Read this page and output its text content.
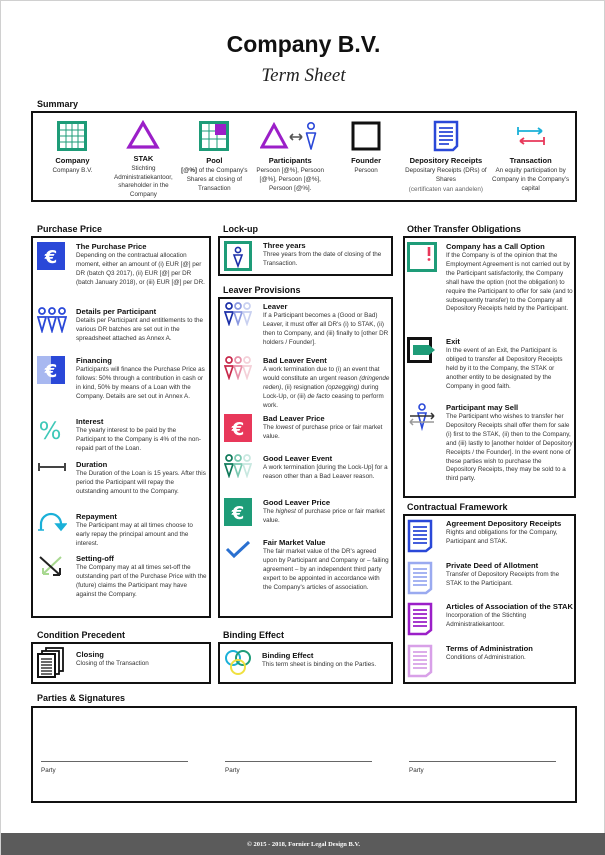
Company B.V.
Term Sheet
Summary
Company
Company B.V.
STAK
Stichting Administratiekantoor, shareholder in the Company
Pool
[@%] of the Company's Shares at closing of Transaction
Participants
Persoon [@%], Persoon [@%], Persoon [@%], Persoon [@%].
Founder
Persoon
Depository Receipts
Depositary Receipts (DRs) of Shares
(certificaten van aandelen)
Transaction
An equity participation by Company in the Company's capital
Purchase Price
€
The Purchase Price
Depending on the contractual allocation moment, either an amount of (i) EUR [@] per DR (batch Q3 2017), (ii) EUR [@] per DR (batch January 2018), or (iii) EUR [@] per DR.
Details per Participant
Details per Participant and entitlements to the various DR batches are set out in the spreadsheet attached as Annex A.
€
Financing
Participants will finance the Purchase Price as follows: 50% through a contribution in cash or in kind, 50% by means of a Loan with the Company. Details are set out in Annex A.
% Interest
The yearly interest to be paid by the Participant to the Company is 4% of the non-repaid part of the Loan.
Duration
The Duration of the Loan is 15 years. After this period the Participant will repay the outstanding amount to the Company.
Repayment
The Participant may at all times choose to early repay the principal amount and the interest.
Setting-off
The Company may at all times set-off the outstanding part of the Purchase Price with the (future) claims the Participant may have against the Company.
Lock-up
Three years
Three years from the date of closing of the Transaction.
Leaver Provisions
Leaver
If a Participant becomes a (Good or Bad) Leaver, it must offer all DR's (i) to STAK, (ii) then to Company, and (iii) finally to [other DR holders / Founder].
Bad Leaver Event
A work termination due to (i) an event that would constitute an urgent reason (dringende reden), (ii) resignation (opzegging) during Lock-Up, or (iii) de facto ceasing to perform work.
€
Bad Leaver Price
The lowest of purchase price or fair market value.
Good Leaver Event
A work termination [during the Lock-Up] for a reason other than a Bad Leaver reason.
€
Good Leaver Price
The highest of purchase price or fair market value.
Fair Market Value
The fair market value of the DR's agreed upon by Participant and Company or – failing agreement – by an independent third party expert to be appointed in accordance with the Company's articles of association.
Other Transfer Obligations
Company has a Call Option
If the Company is of the opinion that the Employment Agreement is not carried out by the Participant satisfactorily, the Company shall have the option (not the obligation) to require the Participant to offer for sale (and to subsequently transfer) to the Company all Depository Receipts held by the Participant.
Exit
In the event of an Exit, the Participant is obliged to transfer all Depository Receipts held by it to the Company, the STAK or another entity to be designated by the Company in good faith.
Participant may Sell
The Participant who wishes to transfer her Depository Receipts shall offer them for sale (i) first to the STAK, (ii) then to the Company, and (iii) lastly to [another holder of Depository Receipts / the Founder]. In the event none of these parties wish to purchase the Depository Receipts, they may be sold to a third party.
Contractual Framework
Agreement Depository Receipts
Rights and obligations for the Company, Participant and STAK.
Private Deed of Allotment
Transfer of Depository Receipts from the STAK to the Participant.
Articles of Association of the STAK
Incorporation of the Stichting Administratiekantoor.
Terms of Administration
Conditions of Administration.
Condition Precedent
Closing
Closing of the Transaction
Binding Effect
Binding Effect
This term sheet is binding on the Parties.
Parties & Signatures
Party	Party	Party
© 2015 - 2018, Fornier Legal Design B.V.
